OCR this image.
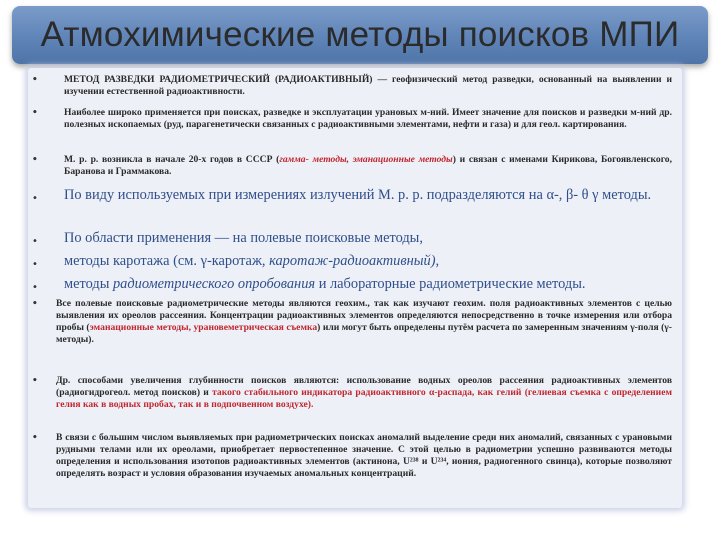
Атмохимические методы поисков МПИ
•	МЕТОД РАЗВЕДКИ РАДИОМЕТРИЧЕСКИЙ (РАДИОАКТИВНЫЙ) — геофизический метод разведки, основанный на выявлении и изучении естественной радиоактивности.
•	Наиболее широко применяется при поисках, разведке и эксплуатации урановых м-ний. Имеет значение для поисков и разведки м-ний др. полезных ископаемых (руд, парагенетически связанных с радиоактивными элементами, нефти и газа) и для геол. картирования.
•	М. р. р. возникла в начале 20-х годов в СССР (гамма- методы, эманационные методы) и связан с именами Кирикова, Богоявленского, Баранова и Граммакова.
• По виду используемых при измерениях излучений М. р. р. подразделяются на α-, β- θ γ методы.
• По области применения — на полевые поисковые методы,
• методы каротажа (см. γ-каротаж, каротаж-радиоактивный),
• методы радиометрического опробования и лабораторные радиометрические методы.
• Все полевые поисковые радиометрические методы являются геохим., так как изучают геохим. поля радиоактивных элементов с целью выявления их ореолов рассеяния. Концентрации радиоактивных элементов определяются непосредственно в точке измерения или отбора пробы (эманационные методы, урановеметрическая съемка) или могут быть определены путём расчета по замеренным значениям γ-поля (γ-методы).
• Др. способами увеличения глубинности поисков являются: использование водных ореолов рассеяния радиоактивных элементов (радиогидрогеол. метод поисков) и такого стабильного индикатора радиоактивного α-распада, как гелий (гелиевая съемка с определением гелия как в водных пробах, так и в подпочвенном воздухе).
• В связи с большим числом выявляемых при радиометрических поисках аномалий выделение среди них аномалий, связанных с урановыми рудными телами или их ореолами, приобретает первостепенное значение. С этой целью в радиометрии успешно развиваются методы определения и использования изотопов радиоактивных элементов (актинона, U²³⁸ и U²³⁴, иония, радиогенного свинца), которые позволяют определять возраст и условия образования изучаемых аномальных концентраций.
